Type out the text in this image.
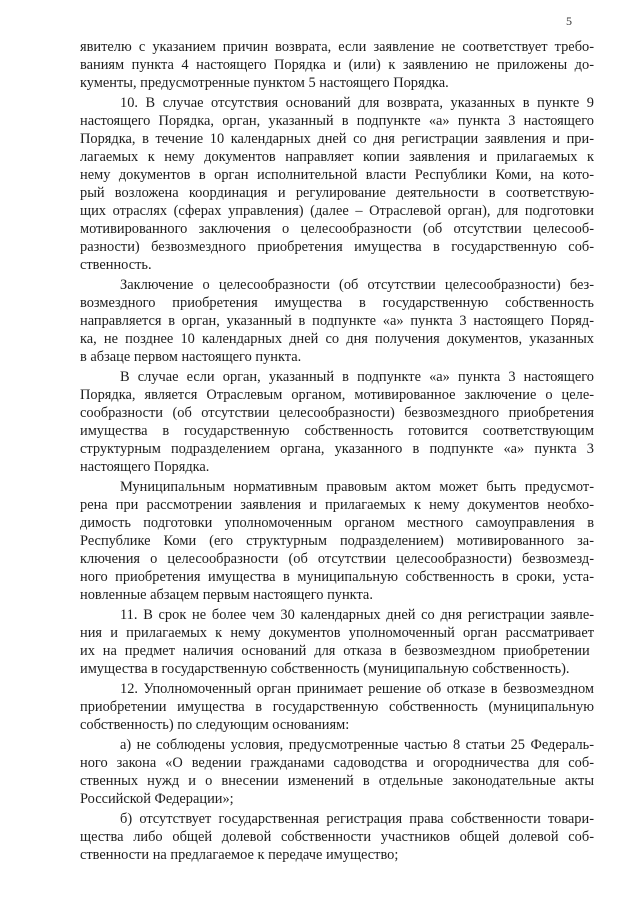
5
явителю с указанием причин возврата, если заявление не соответствует требо-
ваниям пункта 4 настоящего Порядка и (или) к заявлению не приложены до-
кументы, предусмотренные пунктом 5 настоящего Порядка.
10. В случае отсутствия оснований для возврата, указанных в пункте 9
настоящего Порядка, орган, указанный в подпункте «а» пункта 3 настоящего
Порядка, в течение 10 календарных дней со дня регистрации заявления и при-
лагаемых к нему документов направляет копии заявления и прилагаемых к
нему документов в орган исполнительной власти Республики Коми, на кото-
рый возложена координация и регулирование деятельности в соответствую-
щих отраслях (сферах управления) (далее – Отраслевой орган), для подготовки
мотивированного заключения о целесообразности (об отсутствии целесооб-
разности) безвозмездного приобретения имущества в государственную соб-
ственность.
Заключение о целесообразности (об отсутствии целесообразности) без-
возмездного приобретения имущества в государственную собственность
направляется в орган, указанный в подпункте «а» пункта 3 настоящего Поряд-
ка, не позднее 10 календарных дней со дня получения документов, указанных
в абзаце первом настоящего пункта.
В случае если орган, указанный в подпункте «а» пункта 3 настоящего
Порядка, является Отраслевым органом, мотивированное заключение о целе-
сообразности (об отсутствии целесообразности) безвозмездного приобретения
имущества в государственную собственность готовится соответствующим
структурным подразделением органа, указанного в подпункте «а» пункта 3
настоящего Порядка.
Муниципальным нормативным правовым актом может быть предусмот-
рена при рассмотрении заявления и прилагаемых к нему документов необхо-
димость подготовки уполномоченным органом местного самоуправления в
Республике Коми (его структурным подразделением) мотивированного за-
ключения о целесообразности (об отсутствии целесообразности) безвозмезд-
ного приобретения имущества в муниципальную собственность в сроки, уста-
новленные абзацем первым настоящего пункта.
11. В срок не более чем 30 календарных дней со дня регистрации заявле-
ния и прилагаемых к нему документов уполномоченный орган рассматривает
их на предмет наличия оснований для отказа в безвозмездном приобретении
имущества в государственную собственность (муниципальную собственность).
12. Уполномоченный орган принимает решение об отказе в безвозмездном
приобретении имущества в государственную собственность (муниципальную
собственность) по следующим основаниям:
а) не соблюдены условия, предусмотренные частью 8 статьи 25 Федераль-
ного закона «О ведении гражданами садоводства и огородничества для соб-
ственных нужд и о внесении изменений в отдельные законодательные акты
Российской Федерации»;
б) отсутствует государственная регистрация права собственности товари-
щества либо общей долевой собственности участников общей долевой соб-
ственности на предлагаемое к передаче имущество;
